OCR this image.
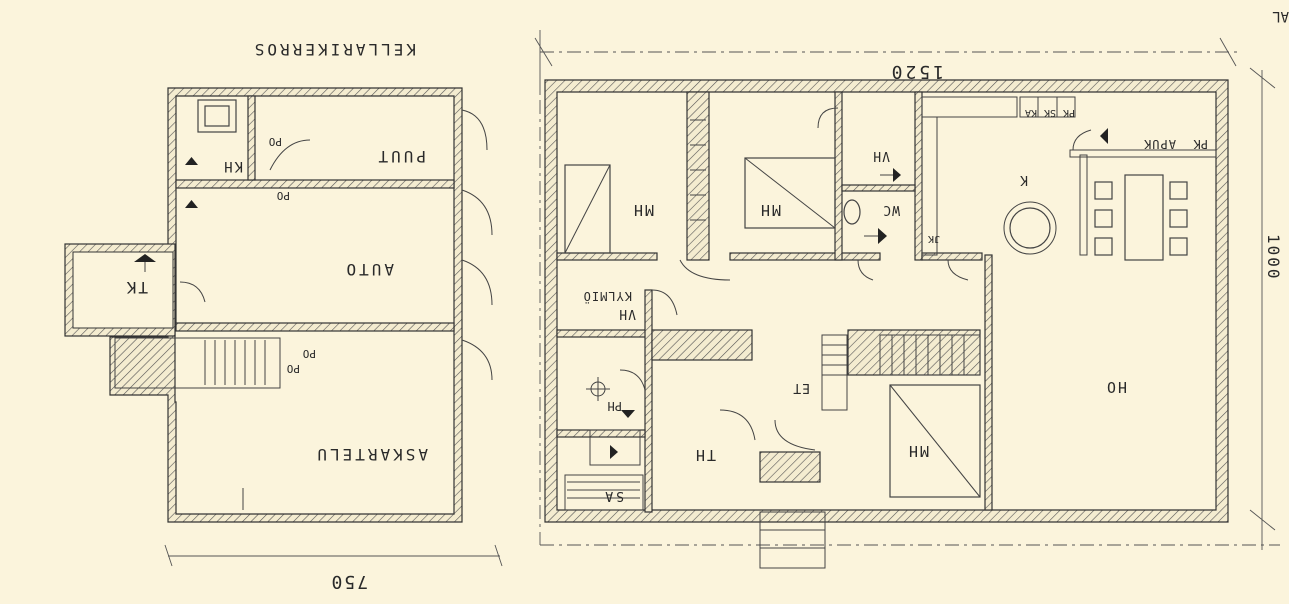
KELLARIKERROS
PUUT
KH
AUTO
TK
ASKARTELU
PO
PO
PO
PO
750
1520
1000
AL
MH	MH
MH
VH
VH
KYLMIÖ
WC
K
PK
APUK
PK
SK
KA
JK
ET	HO
PH
TH
SA
